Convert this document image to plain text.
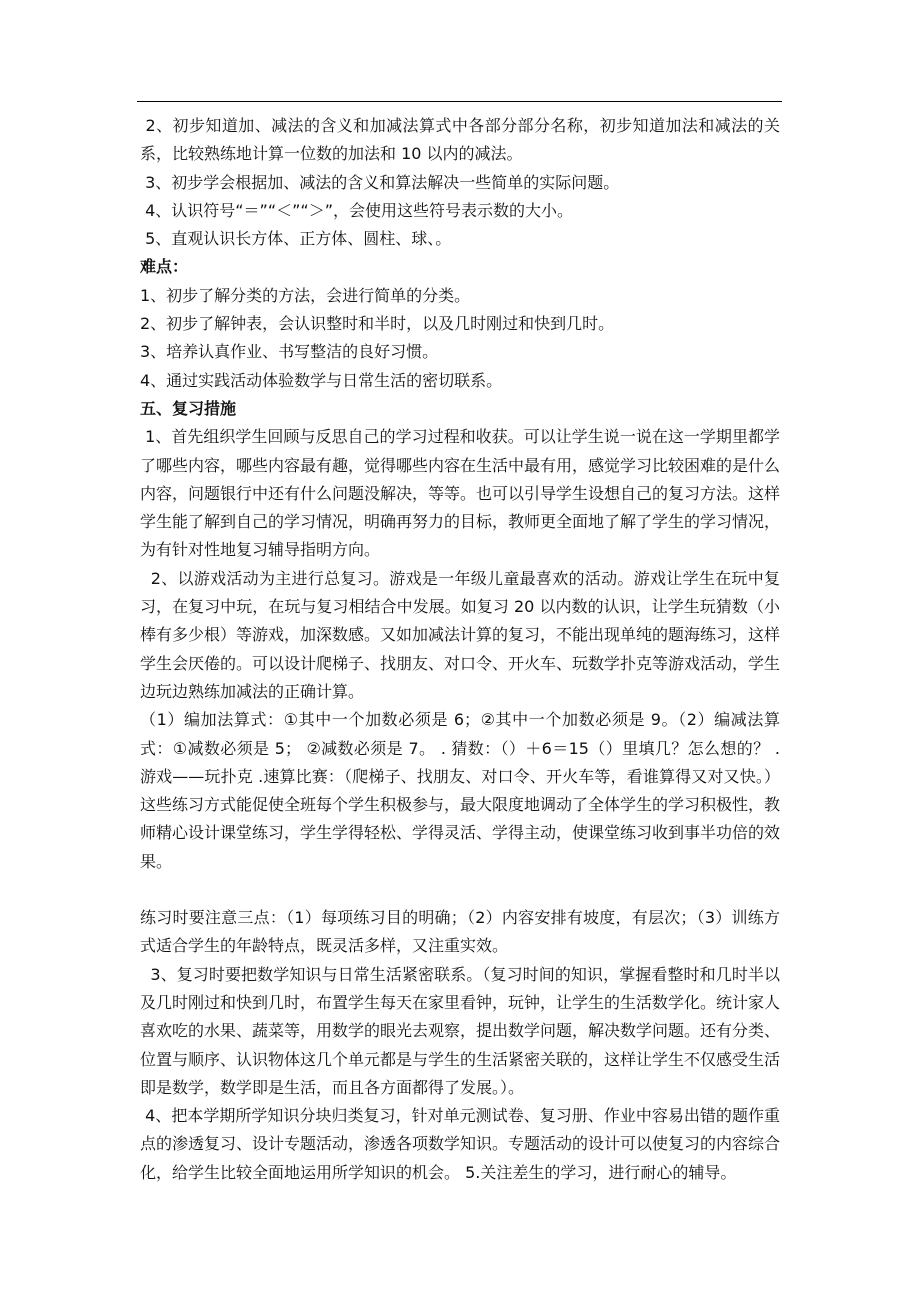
2、初步知道加、减法的含义和加减法算式中各部分部分名称，初步知道加法和减法的关系，比较熟练地计算一位数的加法和 10 以内的减法。

3、初步学会根据加、减法的含义和算法解决一些简单的实际问题。

4、认识符号“＝”“＜”“＞”，会使用这些符号表示数的大小。

5、直观认识长方体、正方体、圆柱、球、。

难点：

1、初步了解分类的方法，会进行简单的分类。

2、初步了解钟表，会认识整时和半时，以及几时刚过和快到几时。

3、培养认真作业、书写整洁的良好习惯。

4、通过实践活动体验数学与日常生活的密切联系。

五、复习措施

1、首先组织学生回顾与反思自己的学习过程和收获。可以让学生说一说在这一学期里都学了哪些内容，哪些内容最有趣，觉得哪些内容在生活中最有用，感觉学习比较困难的是什么内容，问题银行中还有什么问题没解决，等等。也可以引导学生设想自己的复习方法。这样学生能了解到自己的学习情况，明确再努力的目标，教师更全面地了解了学生的学习情况，为有针对性地复习辅导指明方向。

2、以游戏活动为主进行总复习。游戏是一年级儿童最喜欢的活动。游戏让学生在玩中复习，在复习中玩，在玩与复习相结合中发展。如复习 20 以内数的认识，让学生玩猜数（小棒有多少根）等游戏，加深数感。又如加减法计算的复习，不能出现单纯的题海练习，这样学生会厌倦的。可以设计爬梯子、找朋友、对口令、开火车、玩数学扑克等游戏活动，学生边玩边熟练加减法的正确计算。

（1）编加法算式：①其中一个加数必须是 6；②其中一个加数必须是 9。（2）编减法算式：①减数必须是 5； ②减数必须是 7。 . 猜数：（）＋6＝15（）里填几？怎么想的？ .游戏——玩扑克 .速算比赛：（爬梯子、找朋友、对口令、开火车等，看谁算得又对又快。） 这些练习方式能促使全班每个学生积极参与，最大限度地调动了全体学生的学习积极性，教师精心设计课堂练习，学生学得轻松、学得灵活、学得主动，使课堂练习收到事半功倍的效果。

练习时要注意三点：（1）每项练习目的明确；（2）内容安排有坡度，有层次；（3）训练方式适合学生的年龄特点，既灵活多样，又注重实效。

3、复习时要把数学知识与日常生活紧密联系。（复习时间的知识，掌握看整时和几时半以及几时刚过和快到几时，布置学生每天在家里看钟，玩钟，让学生的生活数学化。统计家人喜欢吃的水果、蔬菜等，用数学的眼光去观察，提出数学问题，解决数学问题。还有分类、位置与顺序、认识物体这几个单元都是与学生的生活紧密关联的，这样让学生不仅感受生活即是数学，数学即是生活，而且各方面都得了发展。）。

4、把本学期所学知识分块归类复习，针对单元测试卷、复习册、作业中容易出错的题作重点的渗透复习、设计专题活动，渗透各项数学知识。专题活动的设计可以使复习的内容综合化，给学生比较全面地运用所学知识的机会。 5.关注差生的学习，进行耐心的辅导。
